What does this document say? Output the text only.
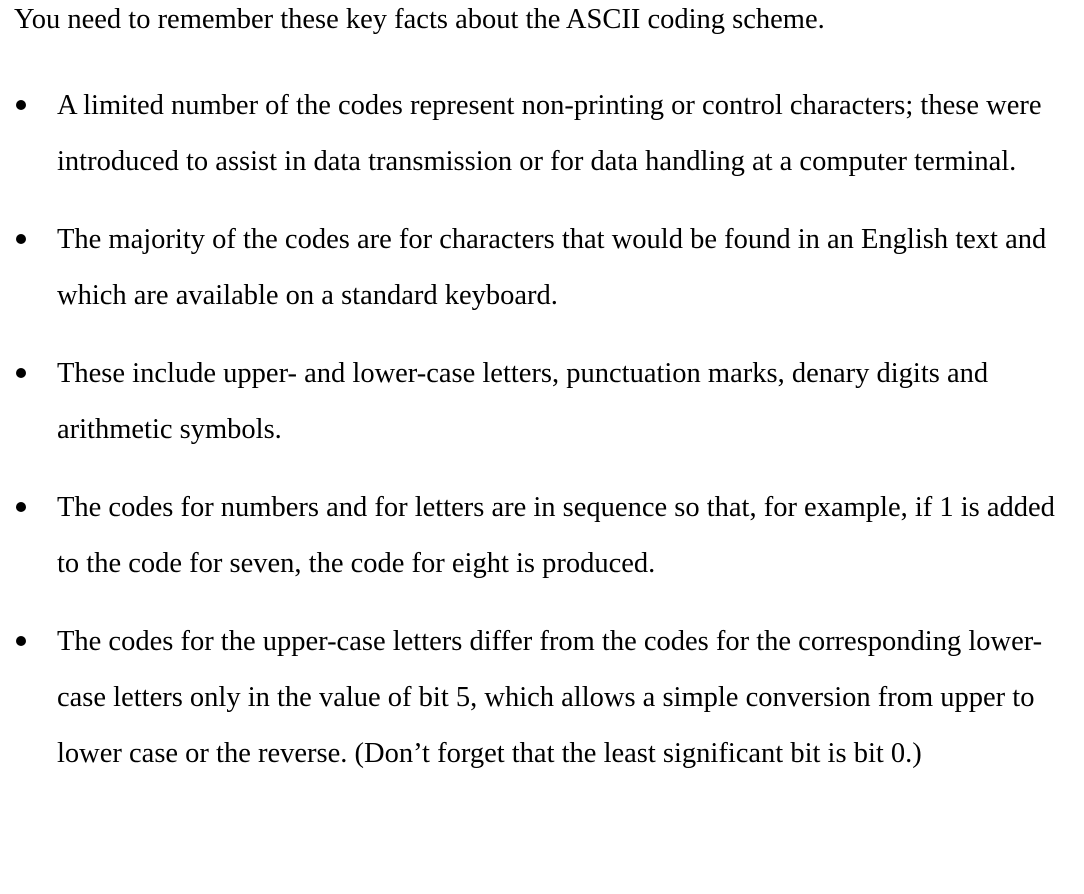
You need to remember these key facts about the ASCII coding scheme.

A limited number of the codes represent non-printing or control characters; these were introduced to assist in data transmission or for data handling at a computer terminal.
The majority of the codes are for characters that would be found in an English text and which are available on a standard keyboard.
These include upper- and lower-case letters, punctuation marks, denary digits and arithmetic symbols.
The codes for numbers and for letters are in sequence so that, for example, if 1 is added to the code for seven, the code for eight is produced.
The codes for the upper-case letters differ from the codes for the corresponding lower-case letters only in the value of bit 5, which allows a simple conversion from upper to lower case or the reverse. (Don’t forget that the least significant bit is bit 0.)
